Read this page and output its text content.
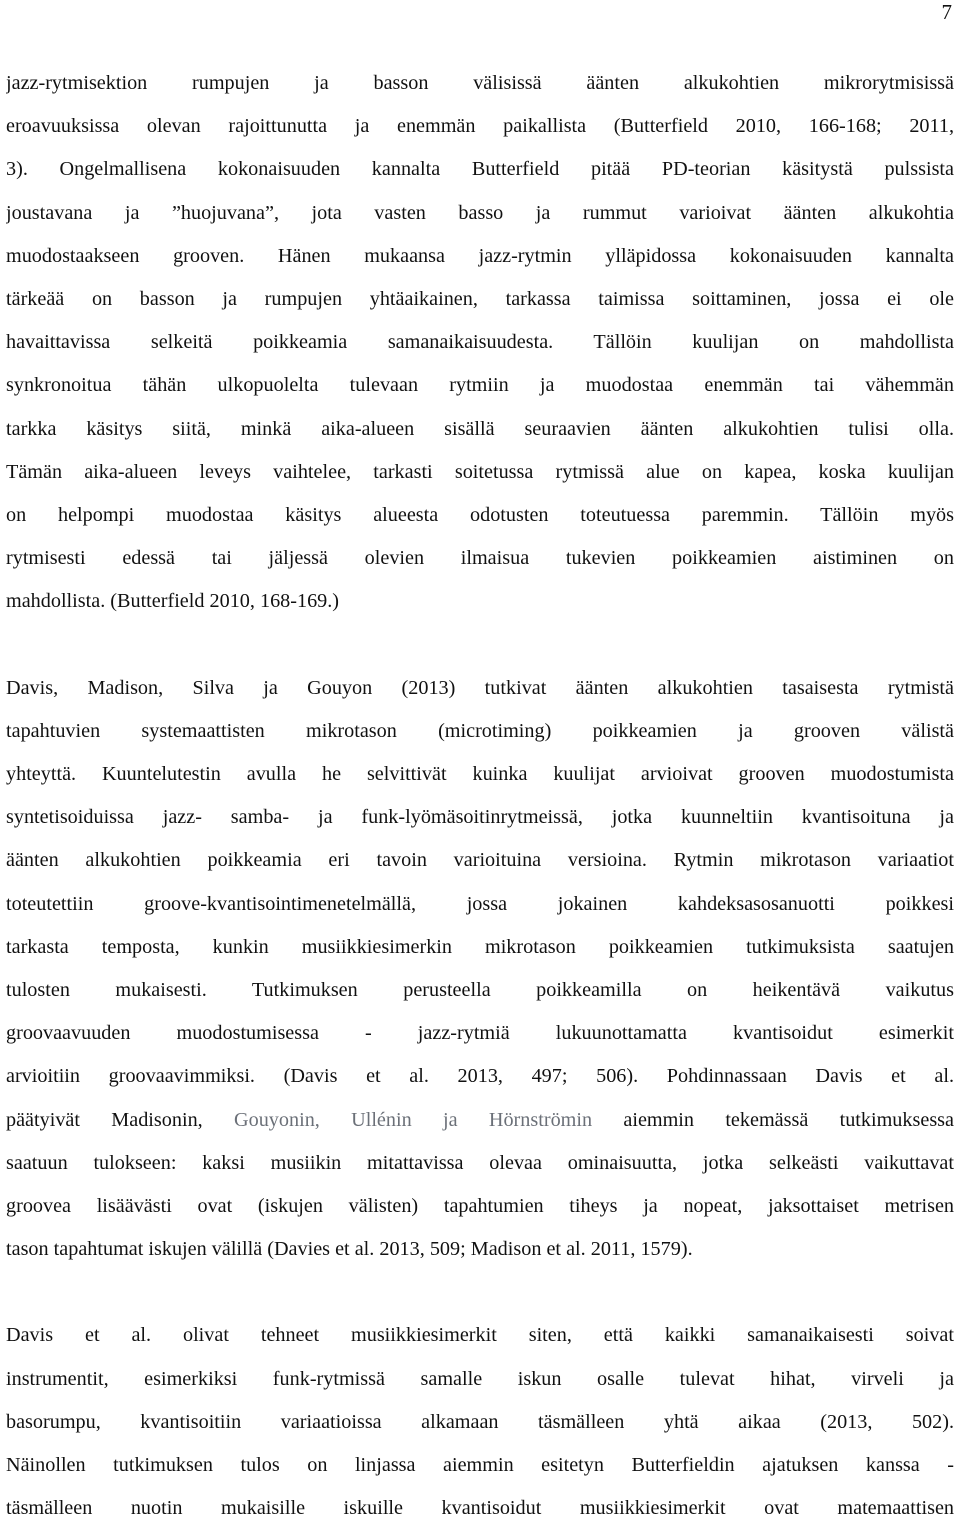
7
jazz-rytmisektion rumpujen ja basson välisissä äänten alkukohtien mikrorytmisissä
eroavuuksissa olevan rajoittunutta ja enemmän paikallista (Butterfield 2010, 166-168; 2011,
3). Ongelmallisena kokonaisuuden kannalta Butterfield pitää PD-teorian käsitystä pulssista
joustavana ja ”huojuvana”, jota vasten basso ja rummut varioivat äänten alkukohtia
muodostaakseen grooven. Hänen mukaansa jazz-rytmin ylläpidossa kokonaisuuden kannalta
tärkeää on basson ja rumpujen yhtäaikainen, tarkassa taimissa soittaminen, jossa ei ole
havaittavissa selkeitä poikkeamia samanaikaisuudesta. Tällöin kuulijan on mahdollista
synkronoitua tähän ulkopuolelta tulevaan rytmiin ja muodostaa enemmän tai vähemmän
tarkka käsitys siitä, minkä aika-alueen sisällä seuraavien äänten alkukohtien tulisi olla.
Tämän aika-alueen leveys vaihtelee, tarkasti soitetussa rytmissä alue on kapea, koska kuulijan
on helpompi muodostaa käsitys alueesta odotusten toteutuessa paremmin. Tällöin myös
rytmisesti edessä tai jäljessä olevien ilmaisua tukevien poikkeamien aistiminen on
mahdollista. (Butterfield 2010, 168-169.)
Davis, Madison, Silva ja Gouyon (2013) tutkivat äänten alkukohtien tasaisesta rytmistä
tapahtuvien systemaattisten mikrotason (microtiming) poikkeamien ja grooven välistä
yhteyttä. Kuuntelutestin avulla he selvittivät kuinka kuulijat arvioivat grooven muodostumista
syntetisoiduissa jazz- samba- ja funk-lyömäsoitinrytmeissä, jotka kuunneltiin kvantisoituna ja
äänten alkukohtien poikkeamia eri tavoin varioituina versioina. Rytmin mikrotason variaatiot
toteutettiin groove-kvantisointimenetelmällä, jossa jokainen kahdeksasosanuotti poikkesi
tarkasta temposta, kunkin musiikkiesimerkin mikrotason poikkeamien tutkimuksista saatujen
tulosten mukaisesti. Tutkimuksen perusteella poikkeamilla on heikentävä vaikutus
groovaavuuden muodostumisessa - jazz-rytmiä lukuunottamatta kvantisoidut esimerkit
arvioitiin groovaavimmiksi. (Davis et al. 2013, 497; 506). Pohdinnassaan Davis et al.
päätyivät Madisonin, Gouyonin, Ullénin ja Hörnströmin aiemmin tekemässä tutkimuksessa
saatuun tulokseen: kaksi musiikin mitattavissa olevaa ominaisuutta, jotka selkeästi vaikuttavat
groovea lisäävästi ovat (iskujen välisten) tapahtumien tiheys ja nopeat, jaksottaiset metrisen
tason tapahtumat iskujen välillä (Davies et al. 2013, 509; Madison et al. 2011, 1579).
Davis et al. olivat tehneet musiikkiesimerkit siten, että kaikki samanaikaisesti soivat
instrumentit, esimerkiksi funk-rytmissä samalle iskun osalle tulevat hihat, virveli ja
basorumpu, kvantisoitiin variaatioissa alkamaan täsmälleen yhtä aikaa (2013, 502).
Näinollen tutkimuksen tulos on linjassa aiemmin esitetyn Butterfieldin ajatuksen kanssa -
täsmälleen nuotin mukaisille iskuille kvantisoidut musiikkiesimerkit ovat matemaattisen
